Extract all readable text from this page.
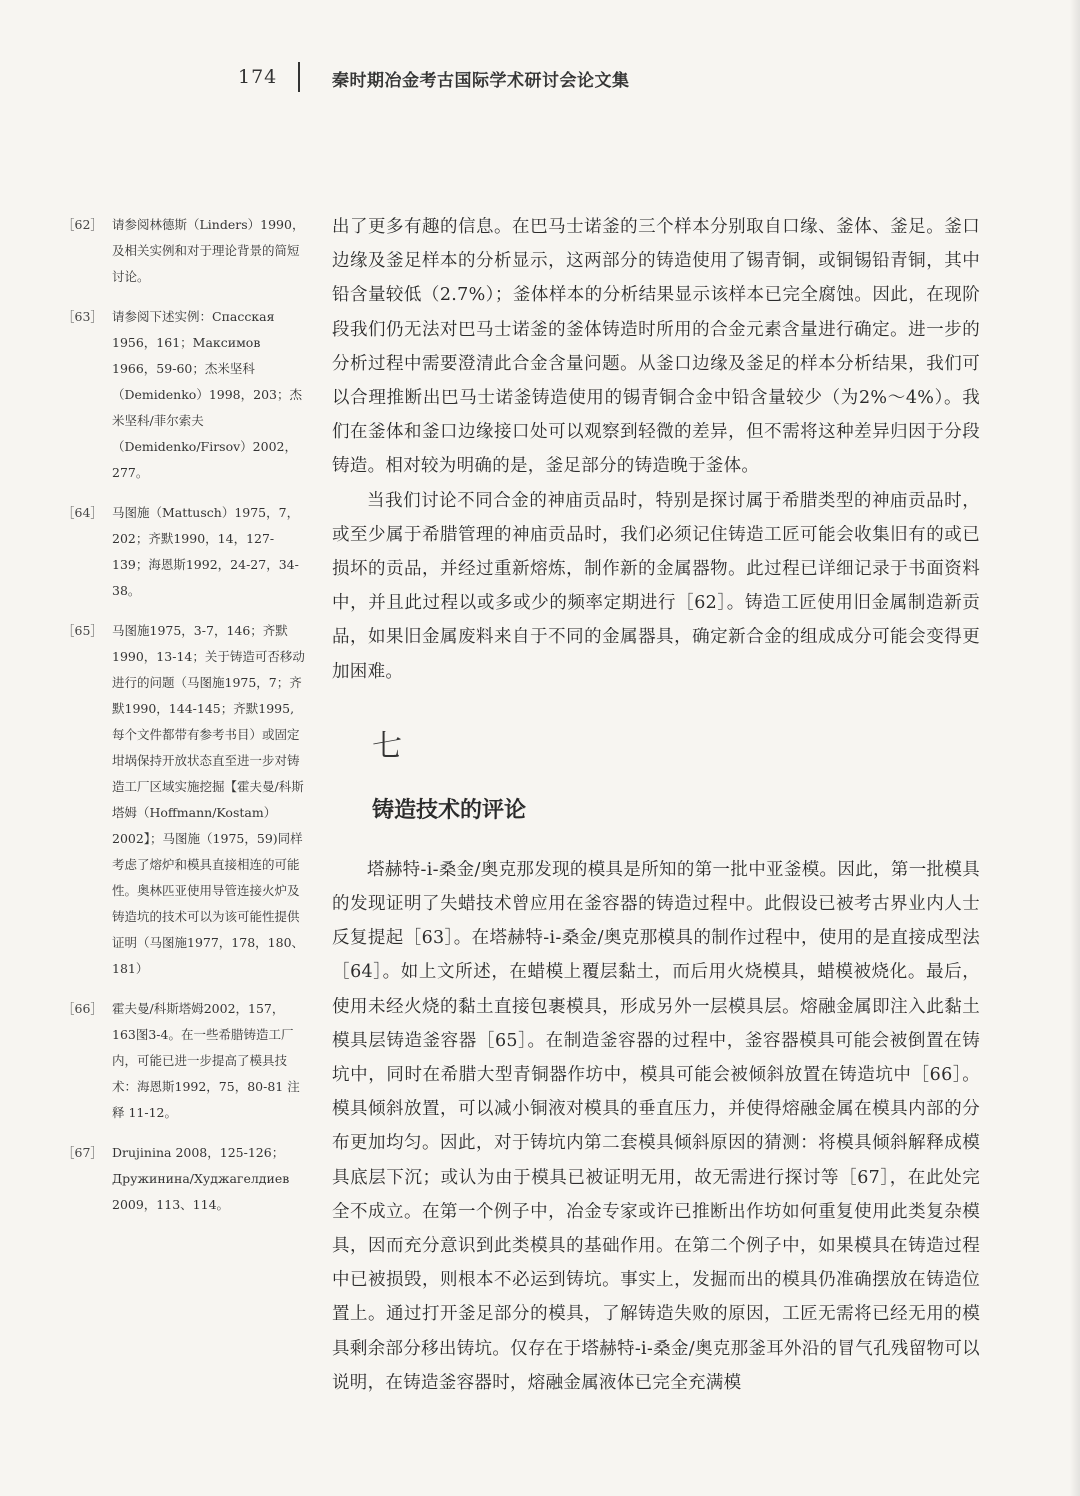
174	秦时期冶金考古国际学术研讨会论文集
［62］ 请参阅林德斯（Linders）1990，及相关实例和对于理论背景的简短讨论。
［63］ 请参阅下述实例：Спасская 1956，161；Максимов 1966，59-60；杰米坚科（Demidenko）1998，203；杰米坚科/菲尔索夫（Demidenko/Firsov）2002，277。
［64］ 马图施（Mattusch）1975，7，202；齐默1990，14，127-139；海恩斯1992，24-27，34-38。
［65］ 马图施1975，3-7，146；齐默1990，13-14；关于铸造可否移动进行的问题（马图施1975，7；齐默1990，144-145；齐默1995,每个文件都带有参考书目）或固定坩埚保持开放状态直至进一步对铸造工厂区域实施挖掘【霍夫曼/科斯塔姆（Hoffmann/Kostam）2002】；马图施（1975，59)同样考虑了熔炉和模具直接相连的可能性。奥林匹亚使用导管连接火炉及铸造坑的技术可以为该可能性提供证明（马图施1977，178，180、181）
［66］ 霍夫曼/科斯塔姆2002，157，163图3-4。在一些希腊铸造工厂内，可能已进一步提高了模具技术：海恩斯1992，75，80-81 注释 11-12。
［67］ Drujinina 2008，125-126；Дружинина/Худжагелдиев 2009，113、114。

出了更多有趣的信息。在巴马士诺釜的三个样本分别取自口缘、釜体、釜足。釜口边缘及釜足样本的分析显示，这两部分的铸造使用了锡青铜，或铜锡铅青铜，其中铅含量较低（2.7%）；釜体样本的分析结果显示该样本已完全腐蚀。因此，在现阶段我们仍无法对巴马士诺釜的釜体铸造时所用的合金元素含量进行确定。进一步的分析过程中需要澄清此合金含量问题。从釜口边缘及釜足的样本分析结果，我们可以合理推断出巴马士诺釜铸造使用的锡青铜合金中铅含量较少（为2%～4%）。我们在釜体和釜口边缘接口处可以观察到轻微的差异，但不需将这种差异归因于分段铸造。相对较为明确的是，釜足部分的铸造晚于釜体。

当我们讨论不同合金的神庙贡品时，特别是探讨属于希腊类型的神庙贡品时，或至少属于希腊管理的神庙贡品时，我们必须记住铸造工匠可能会收集旧有的或已损坏的贡品，并经过重新熔炼，制作新的金属器物。此过程已详细记录于书面资料中，并且此过程以或多或少的频率定期进行［62］。铸造工匠使用旧金属制造新贡品，如果旧金属废料来自于不同的金属器具，确定新合金的组成成分可能会变得更加困难。

七
铸造技术的评论

塔赫特-i-桑金/奥克那发现的模具是所知的第一批中亚釜模。因此，第一批模具的发现证明了失蜡技术曾应用在釜容器的铸造过程中。此假设已被考古界业内人士反复提起［63］。在塔赫特-i-桑金/奥克那模具的制作过程中，使用的是直接成型法［64］。如上文所述，在蜡模上覆层黏土，而后用火烧模具，蜡模被烧化。最后，使用未经火烧的黏土直接包裹模具，形成另外一层模具层。熔融金属即注入此黏土模具层铸造釜容器［65］。在制造釜容器的过程中，釜容器模具可能会被倒置在铸坑中，同时在希腊大型青铜器作坊中，模具可能会被倾斜放置在铸造坑中［66］。模具倾斜放置，可以减小铜液对模具的垂直压力，并使得熔融金属在模具内部的分布更加均匀。因此，对于铸坑内第二套模具倾斜原因的猜测：将模具倾斜解释成模具底层下沉；或认为由于模具已被证明无用，故无需进行探讨等［67］，在此处完全不成立。在第一个例子中，冶金专家或许已推断出作坊如何重复使用此类复杂模具，因而充分意识到此类模具的基础作用。在第二个例子中，如果模具在铸造过程中已被损毁，则根本不必运到铸坑。事实上，发掘而出的模具仍准确摆放在铸造位置上。通过打开釜足部分的模具，了解铸造失败的原因，工匠无需将已经无用的模具剩余部分移出铸坑。仅存在于塔赫特-i-桑金/奥克那釜耳外沿的冒气孔残留物可以说明，在铸造釜容器时，熔融金属液体已完全充满模
